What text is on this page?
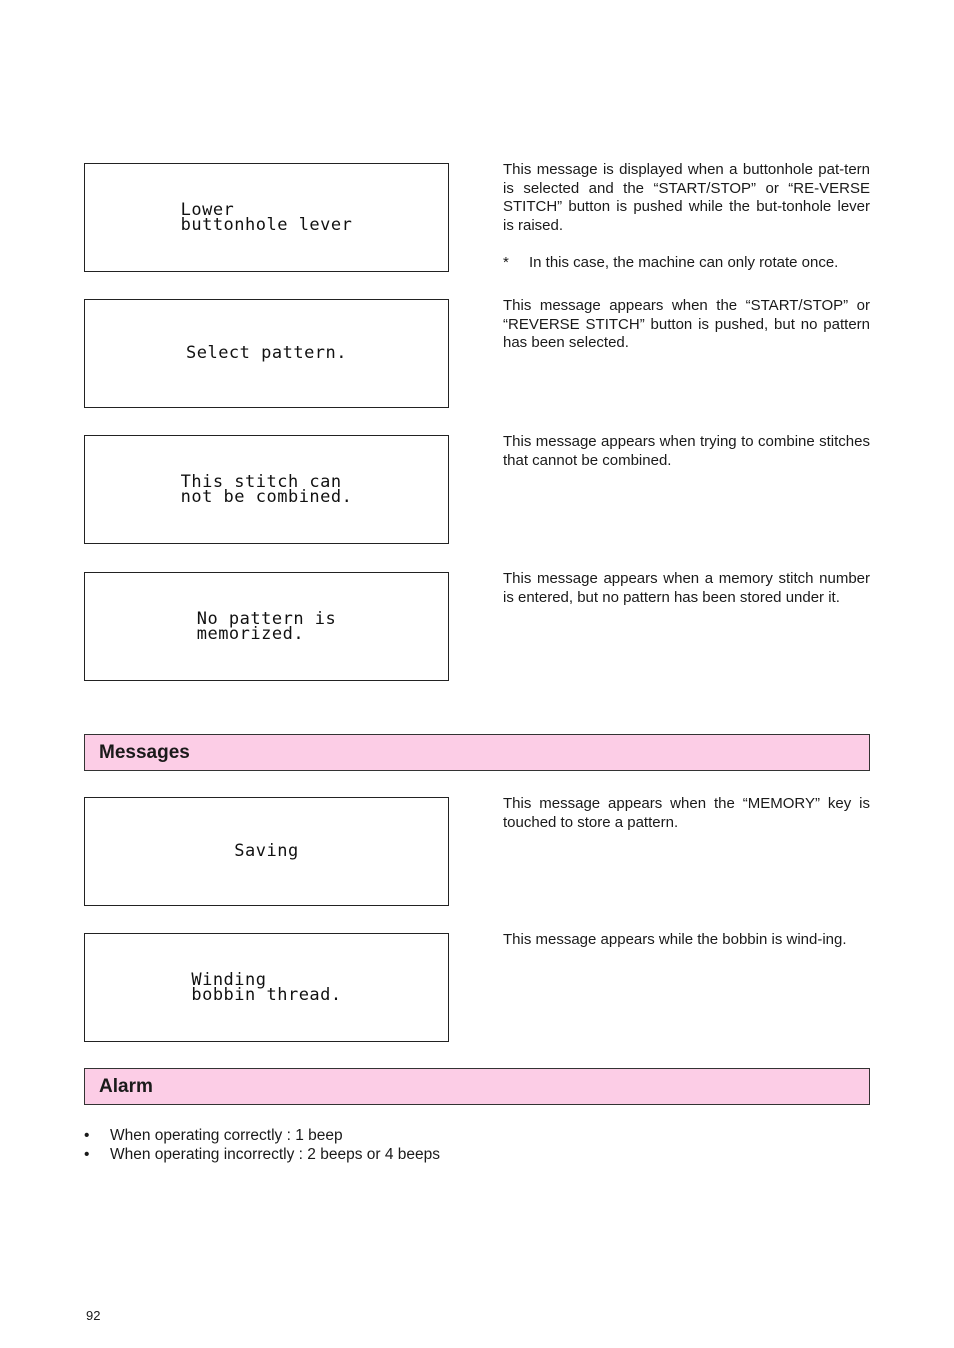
Lower
buttonhole lever

This message is displayed when a buttonhole pat-tern is selected and the “START/STOP” or “RE-VERSE STITCH” button is pushed while the but-tonhole lever is raised.

* In this case, the machine can only rotate once.
Select pattern.

This message appears when the “START/STOP” or “REVERSE STITCH” button is pushed, but no pattern has been selected.

This stitch can
not be combined.

This message appears when trying to combine stitches that cannot be combined.

No pattern is
memorized.

This message appears when a memory stitch number is entered, but no pattern has been stored under it.

Messages
Saving

This message appears when the “MEMORY” key is touched to store a pattern.

Winding
bobbin thread.

This message appears while the bobbin is wind-ing.

Alarm
• When operating correctly : 1 beep
• When operating incorrectly : 2 beeps or 4 beeps
92
